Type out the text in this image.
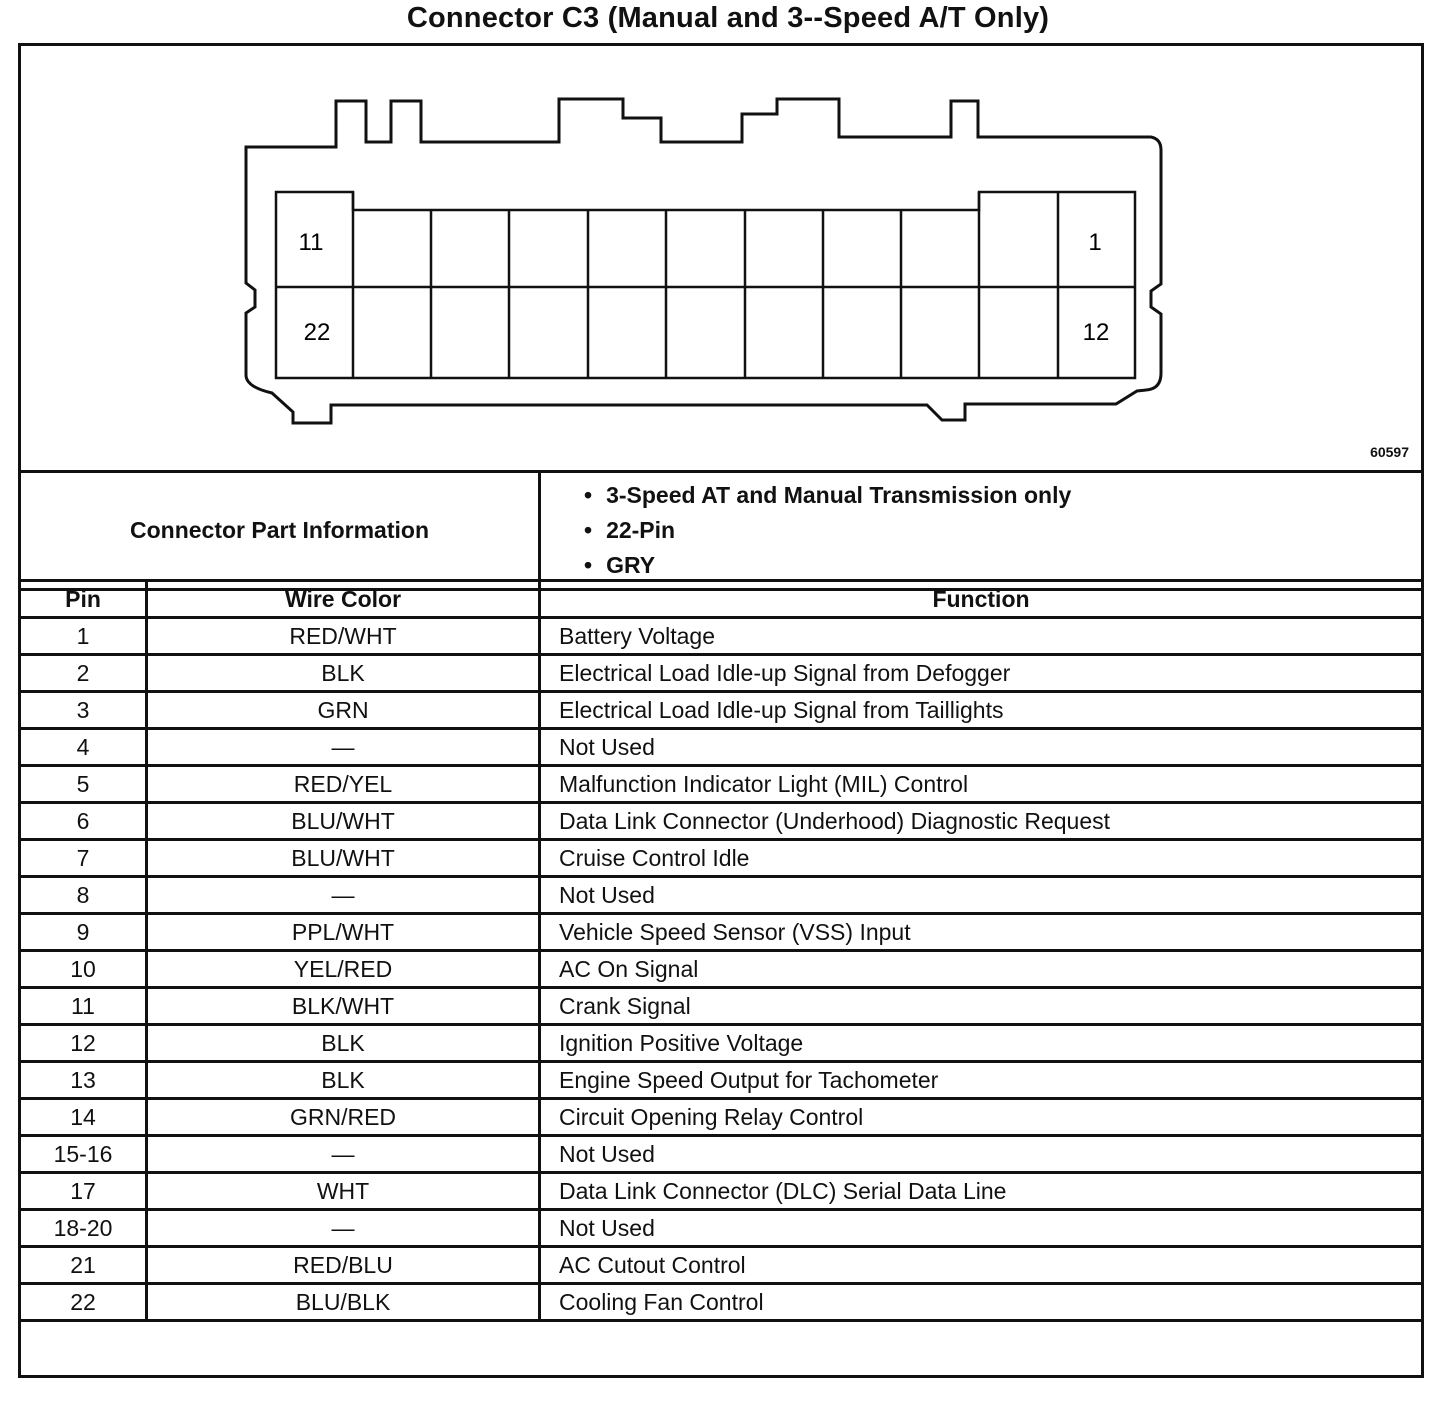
Connector C3 (Manual and 3--Speed A/T Only)
11	1
22	12
60597
Connector Part Information	
• 3-Speed AT and Manual Transmission only
• 22-Pin
• GRY
Pin	Wire Color	Function
1	RED/WHT	Battery Voltage
2	BLK	Electrical Load Idle-up Signal from Defogger
3	GRN	Electrical Load Idle-up Signal from Taillights
4	—	Not Used
5	RED/YEL	Malfunction Indicator Light (MIL) Control
6	BLU/WHT	Data Link Connector (Underhood) Diagnostic Request
7	BLU/WHT	Cruise Control Idle
8	—	Not Used
9	PPL/WHT	Vehicle Speed Sensor (VSS) Input
10	YEL/RED	AC On Signal
11	BLK/WHT	Crank Signal
12	BLK	Ignition Positive Voltage
13	BLK	Engine Speed Output for Tachometer
14	GRN/RED	Circuit Opening Relay Control
15-16	—	Not Used
17	WHT	Data Link Connector (DLC) Serial Data Line
18-20	—	Not Used
21	RED/BLU	AC Cutout Control
22	BLU/BLK	Cooling Fan Control
